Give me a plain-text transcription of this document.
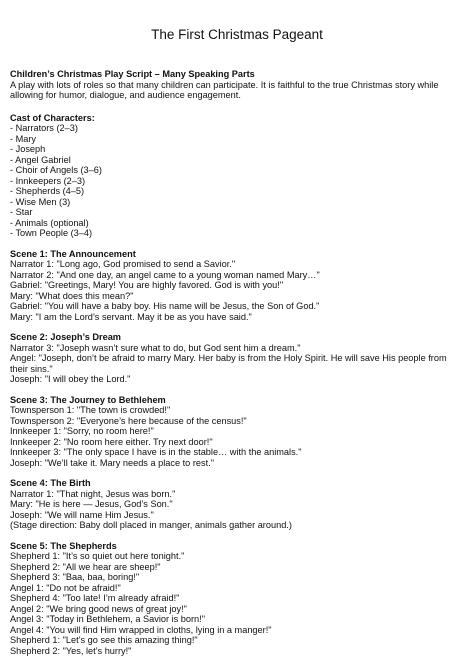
The First Christmas Pageant
Children’s Christmas Play Script – Many Speaking Parts
A play with lots of roles so that many children can participate. It is faithful to the true Christmas story while allowing for humor, dialogue, and audience engagement.
Cast of Characters:
- Narrators (2–3)
- Mary
- Joseph
- Angel Gabriel
- Choir of Angels (3–6)
- Innkeepers (2–3)
- Shepherds (4–5)
- Wise Men (3)
- Star
- Animals (optional)
- Town People (3–4)
Scene 1: The Announcement
Narrator 1: "Long ago, God promised to send a Savior."
Narrator 2: "And one day, an angel came to a young woman named Mary…"
Gabriel: "Greetings, Mary! You are highly favored. God is with you!"
Mary: "What does this mean?"
Gabriel: "You will have a baby boy. His name will be Jesus, the Son of God."
Mary: "I am the Lord’s servant. May it be as you have said."
Scene 2: Joseph’s Dream
Narrator 3: "Joseph wasn’t sure what to do, but God sent him a dream."
Angel: "Joseph, don’t be afraid to marry Mary. Her baby is from the Holy Spirit. He will save His people from their sins."
Joseph: "I will obey the Lord."
Scene 3: The Journey to Bethlehem
Townsperson 1: "The town is crowded!"
Townsperson 2: "Everyone’s here because of the census!"
Innkeeper 1: "Sorry, no room here!"
Innkeeper 2: "No room here either. Try next door!"
Innkeeper 3: "The only space I have is in the stable… with the animals."
Joseph: "We’ll take it. Mary needs a place to rest."
Scene 4: The Birth
Narrator 1: "That night, Jesus was born."
Mary: "He is here — Jesus, God’s Son."
Joseph: "We will name Him Jesus."
(Stage direction: Baby doll placed in manger, animals gather around.)
Scene 5: The Shepherds
Shepherd 1: "It’s so quiet out here tonight."
Shepherd 2: "All we hear are sheep!"
Shepherd 3: "Baa, baa, boring!"
Angel 1: "Do not be afraid!"
Shepherd 4: "Too late! I’m already afraid!"
Angel 2: "We bring good news of great joy!"
Angel 3: "Today in Bethlehem, a Savior is born!"
Angel 4: "You will find Him wrapped in cloths, lying in a manger!"
Shepherd 1: "Let’s go see this amazing thing!"
Shepherd 2: "Yes, let’s hurry!"
